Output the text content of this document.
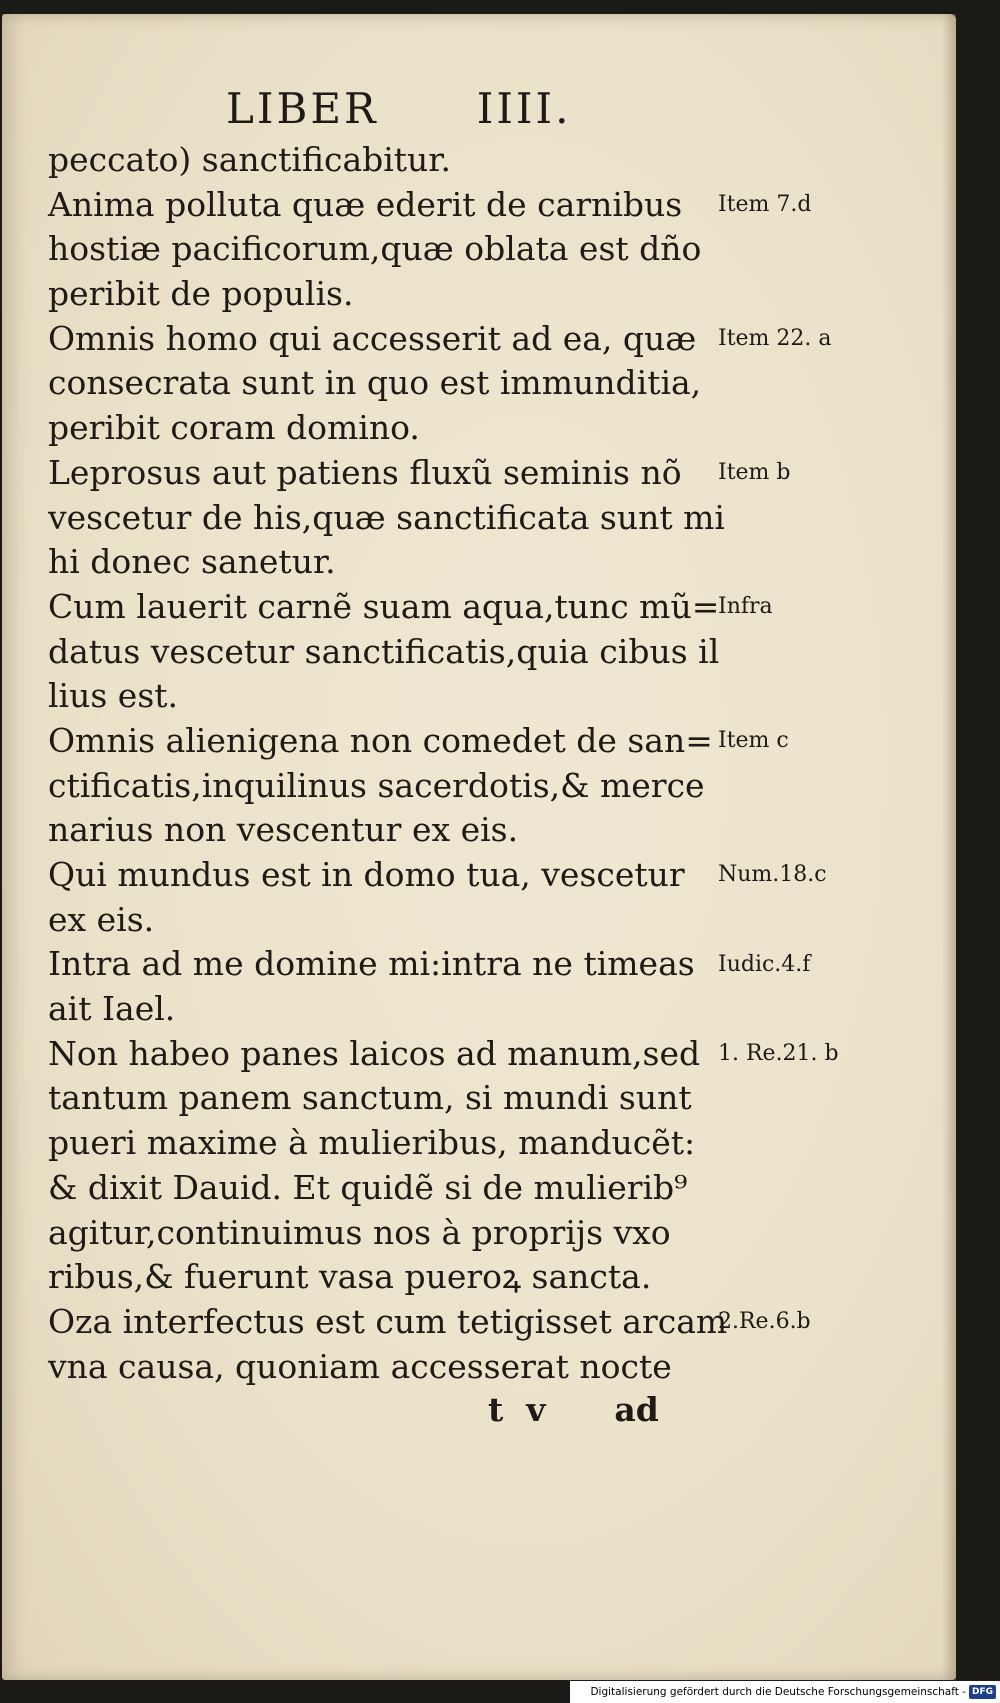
LIBER      IIII.
peccato) sanctificabitur.
Anima polluta quæ ederit de carnibus
hostiæ pacificorum,quæ oblata est dño
peribit de populis.
Omnis homo qui accesserit ad ea, quæ
consecrata sunt in quo est immunditia,
peribit coram domino.
Leprosus aut patiens fluxũ seminis nõ
vescetur de his,quæ sanctificata sunt mi
hi donec sanetur.
Cum lauerit carnẽ suam aqua,tunc mũ=
datus vescetur sanctificatis,quia cibus il
lius est.
Omnis alienigena non comedet de san=
ctificatis,inquilinus sacerdotis,& merce
narius non vescentur ex eis.
Qui mundus est in domo tua, vescetur
ex eis.
Intra ad me domine mi:intra ne timeas
ait Iael.
Non habeo panes laicos ad manum,sed
tantum panem sanctum, si mundi sunt
pueri maxime à mulieribus, manducẽt:
& dixit Dauid. Et quidẽ si de mulierib⁹
agitur,continuimus nos à proprijs vxo
ribus,& fuerunt vasa pueroꝝ sancta.
Oza interfectus est cum tetigisset arcam
vna causa, quoniam accesserat nocte
Item 7.d
Item 22. a
Item b
Infra
Item c
Num.18.c
Iudic.4.f
1. Re.21. b
2.Re.6.b
t  v      ad
Digitalisierung gefördert durch die Deutsche Forschungsgemeinschaft - DFG
